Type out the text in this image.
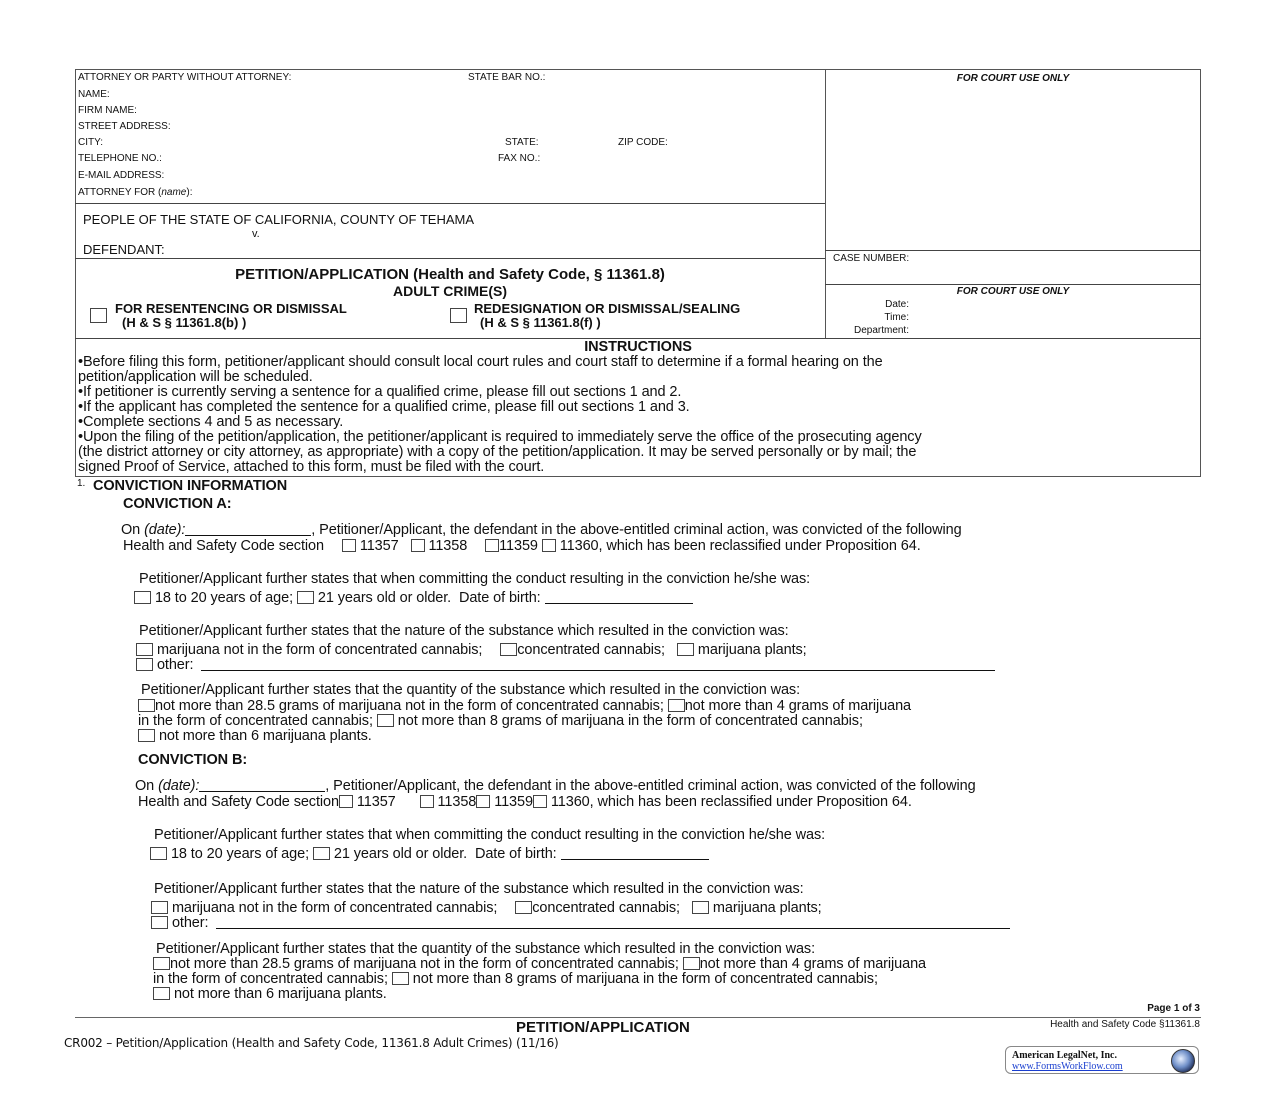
ATTORNEY OR PARTY WITHOUT ATTORNEY:	STATE BAR NO.:
NAME:
FIRM NAME:
STREET ADDRESS:
CITY:	STATE:	ZIP CODE:
TELEPHONE NO.:	FAX NO.:
E-MAIL ADDRESS:
ATTORNEY FOR (name):
FOR COURT USE ONLY
CASE NUMBER:
FOR COURT USE ONLY
Date:
Time:
Department:
PEOPLE OF THE STATE OF CALIFORNIA, COUNTY OF TEHAMA
v.
DEFENDANT:
PETITION/APPLICATION (Health and Safety Code, § 11361.8)
ADULT CRIME(S)
FOR RESENTENCING OR DISMISSAL
(H & S § 11361.8(b) )
REDESIGNATION OR DISMISSAL/SEALING
(H & S § 11361.8(f) )
INSTRUCTIONS
•Before filing this form, petitioner/applicant should consult local court rules and court staff to determine if a formal hearing on the
petition/application will be scheduled.
•If petitioner is currently serving a sentence for a qualified crime, please fill out sections 1 and 2.
•If the applicant has completed the sentence for a qualified crime, please fill out sections 1 and 3.
•Complete sections 4 and 5 as necessary.
•Upon the filing of the petition/application, the petitioner/applicant is required to immediately serve the office of the prosecuting agency
(the district attorney or city attorney, as appropriate) with a copy of the petition/application. It may be served personally or by mail; the
signed Proof of Service, attached to this form, must be filed with the court.
1. CONVICTION INFORMATION
CONVICTION A:
On (date):	, Petitioner/Applicant, the defendant in the above-entitled criminal action, was convicted of the following
Health and Safety Code section 11357 11358 11359 11360, which has been reclassified under Proposition 64.
Petitioner/Applicant further states that when committing the conduct resulting in the conviction he/she was:
18 to 20 years of age; 21 years old or older. Date of birth:
Petitioner/Applicant further states that the nature of the substance which resulted in the conviction was:
marijuana not in the form of concentrated cannabis; concentrated cannabis; marijuana plants;
other:
Petitioner/Applicant further states that the quantity of the substance which resulted in the conviction was:
not more than 28.5 grams of marijuana not in the form of concentrated cannabis; not more than 4 grams of marijuana
in the form of concentrated cannabis; not more than 8 grams of marijuana in the form of concentrated cannabis;
not more than 6 marijuana plants.
CONVICTION B:
On (date):	, Petitioner/Applicant, the defendant in the above-entitled criminal action, was convicted of the following
Health and Safety Code section 11357	11358 11359 11360, which has been reclassified under Proposition 64.
Petitioner/Applicant further states that when committing the conduct resulting in the conviction he/she was:
18 to 20 years of age; 21 years old or older. Date of birth:
Petitioner/Applicant further states that the nature of the substance which resulted in the conviction was:
marijuana not in the form of concentrated cannabis; concentrated cannabis; marijuana plants;
other:
Petitioner/Applicant further states that the quantity of the substance which resulted in the conviction was:
not more than 28.5 grams of marijuana not in the form of concentrated cannabis; not more than 4 grams of marijuana
in the form of concentrated cannabis; not more than 8 grams of marijuana in the form of concentrated cannabis;
not more than 6 marijuana plants.
Page 1 of 3
PETITION/APPLICATION	Health and Safety Code §11361.8
CR002 – Petition/Application (Health and Safety Code, 11361.8 Adult Crimes) (11/16)
American LegalNet, Inc.
www.FormsWorkFlow.com
